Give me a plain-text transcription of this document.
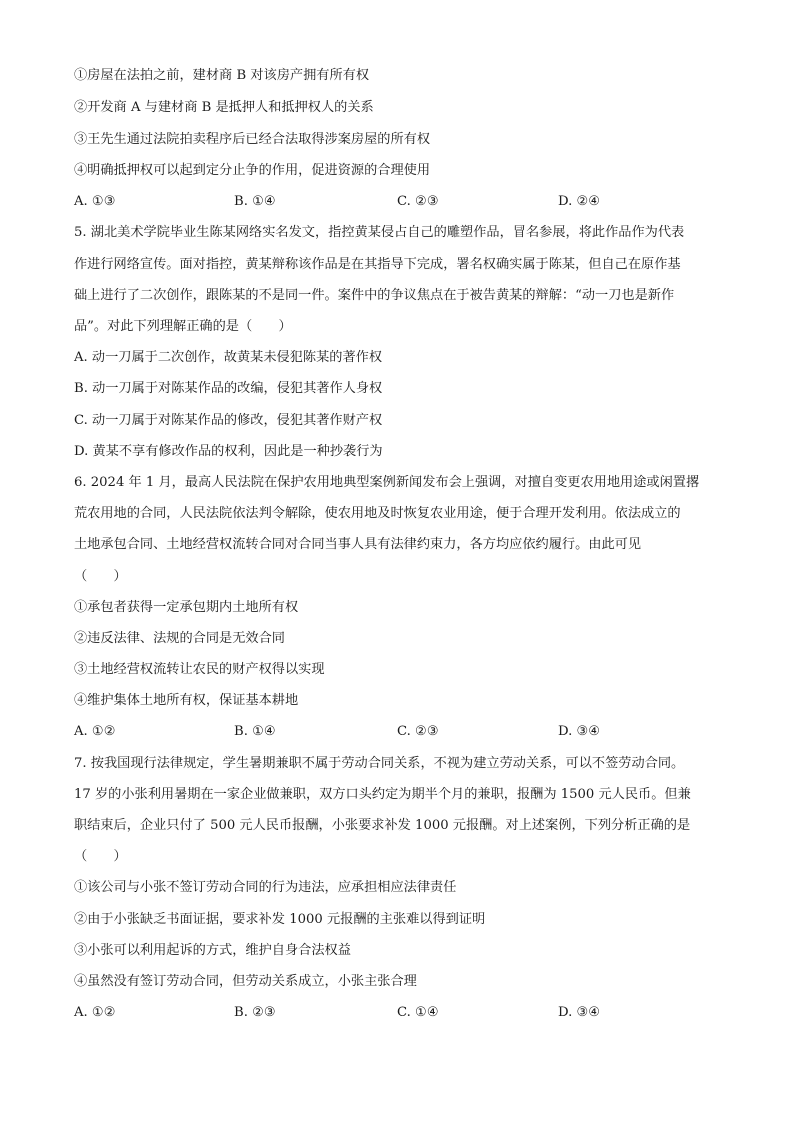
①房屋在法拍之前，建材商 B 对该房产拥有所有权
②开发商 A 与建材商 B 是抵押人和抵押权人的关系
③王先生通过法院拍卖程序后已经合法取得涉案房屋的所有权
④明确抵押权可以起到定分止争的作用，促进资源的合理使用
A. ①③	B. ①④	C. ②③	D. ②④
5. 湖北美术学院毕业生陈某网络实名发文，指控黄某侵占自己的雕塑作品，冒名参展，将此作品作为代表
作进行网络宣传。面对指控，黄某辩称该作品是在其指导下完成，署名权确实属于陈某，但自己在原作基
础上进行了二次创作，跟陈某的不是同一件。案件中的争议焦点在于被告黄某的辩解：“动一刀也是新作
品”。对此下列理解正确的是（　　）
A. 动一刀属于二次创作，故黄某未侵犯陈某的著作权
B. 动一刀属于对陈某作品的改编，侵犯其著作人身权
C. 动一刀属于对陈某作品的修改，侵犯其著作财产权
D. 黄某不享有修改作品的权利，因此是一种抄袭行为
6. 2024 年 1 月，最高人民法院在保护农用地典型案例新闻发布会上强调，对擅自变更农用地用途或闲置撂
荒农用地的合同，人民法院依法判令解除，使农用地及时恢复农业用途，便于合理开发利用。依法成立的
土地承包合同、土地经营权流转合同对合同当事人具有法律约束力，各方均应依约履行。由此可见
（　　）
①承包者获得一定承包期内土地所有权
②违反法律、法规的合同是无效合同
③土地经营权流转让农民的财产权得以实现
④维护集体土地所有权，保证基本耕地
A. ①②	B. ①④	C. ②③	D. ③④
7. 按我国现行法律规定，学生暑期兼职不属于劳动合同关系，不视为建立劳动关系，可以不签劳动合同。
17 岁的小张利用暑期在一家企业做兼职，双方口头约定为期半个月的兼职，报酬为 1500 元人民币。但兼
职结束后，企业只付了 500 元人民币报酬，小张要求补发 1000 元报酬。对上述案例，下列分析正确的是
（　　）
①该公司与小张不签订劳动合同的行为违法，应承担相应法律责任
②由于小张缺乏书面证据，要求补发 1000 元报酬的主张难以得到证明
③小张可以利用起诉的方式，维护自身合法权益
④虽然没有签订劳动合同，但劳动关系成立，小张主张合理
A. ①②	B. ②③	C. ①④	D. ③④
